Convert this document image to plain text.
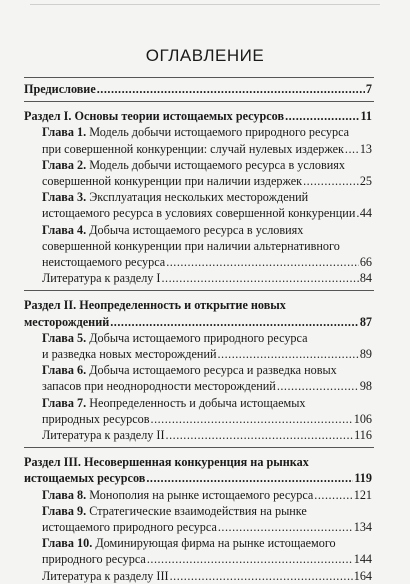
ОГЛАВЛЕНИЕ
Предисловие .....	7
Раздел I. Основы теории истощаемых ресурсов .....	11
Глава 1. Модель добычи истощаемого природного ресурса
при совершенной конкуренции: случай нулевых издержек ..... 13
Глава 2. Модель добычи истощаемого ресурса в условиях
совершенной конкуренции при наличии издержек .....	25
Глава 3. Эксплуатация нескольких месторождений
истощаемого ресурса в условиях совершенной конкуренции ..... 44
Глава 4. Добыча истощаемого ресурса в условиях
совершенной конкуренции при наличии альтернативного
неистощаемого ресурса .....	66
Литература к разделу I .....	84
Раздел II. Неопределенность и открытие новых
месторождений .....	87
Глава 5. Добыча истощаемого природного ресурса
и разведка новых месторождений .....	89
Глава 6. Добыча истощаемого ресурса и разведка новых
запасов при неоднородности месторождений .....	98
Глава 7. Неопределенность и добыча истощаемых
природных ресурсов .....	106
Литература к разделу II .....	116
Раздел III. Несовершенная конкуренция на рынках
истощаемых ресурсов .....	119
Глава 8. Монополия на рынке истощаемого ресурса .....	121
Глава 9. Стратегические взаимодействия на рынке
истощаемого природного ресурса .....	134
Глава 10. Доминирующая фирма на рынке истощаемого
природного ресурса .....	144
Литература к разделу III .....	164
